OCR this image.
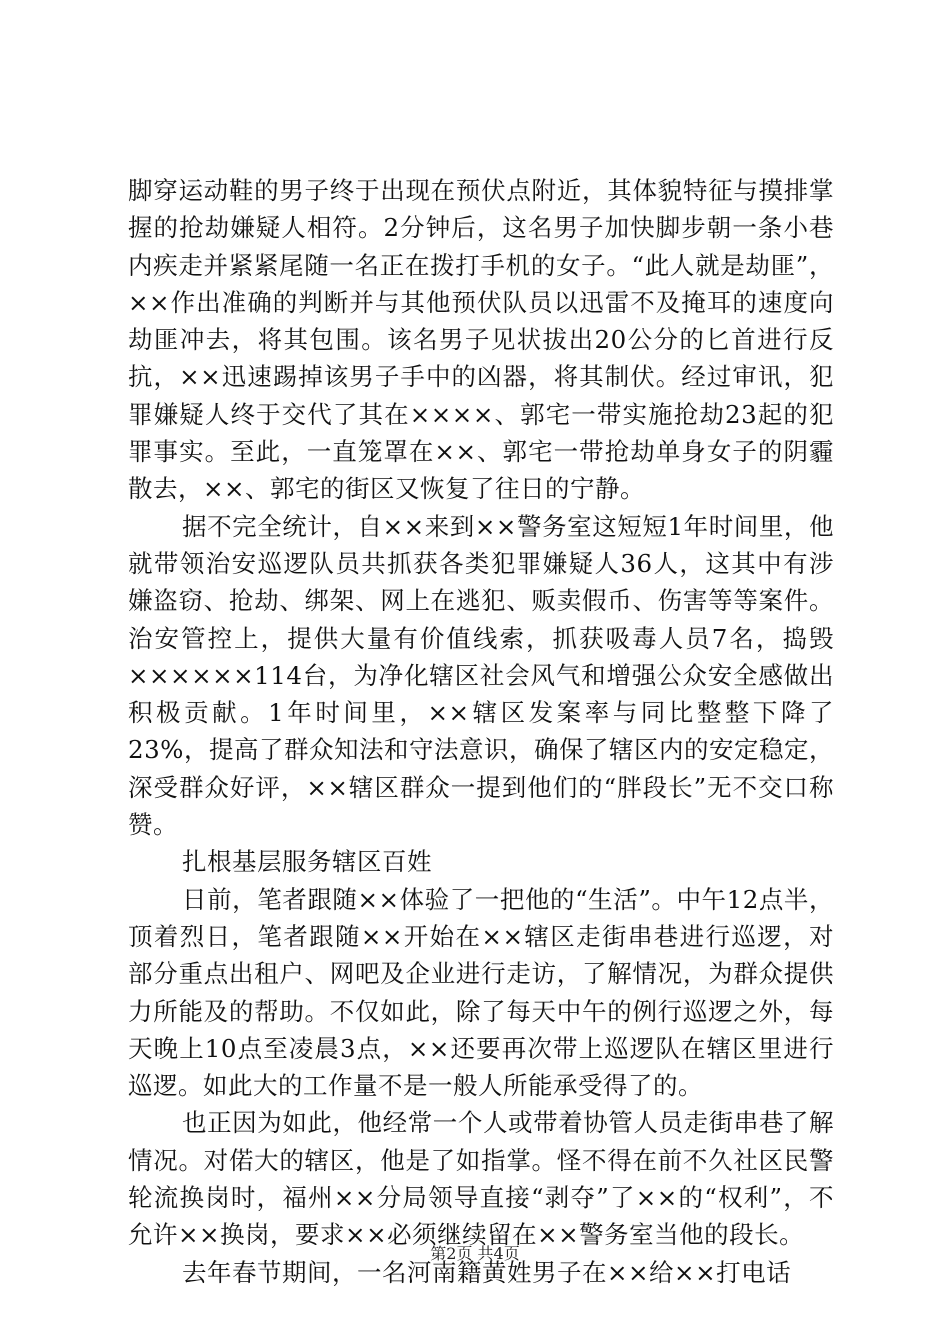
脚穿运动鞋的男子终于出现在预伏点附近，其体貌特征与摸排掌握的抢劫嫌疑人相符。2分钟后，这名男子加快脚步朝一条小巷内疾走并紧紧尾随一名正在拨打手机的女子。“此人就是劫匪”，××作出准确的判断并与其他预伏队员以迅雷不及掩耳的速度向劫匪冲去，将其包围。该名男子见状拔出20公分的匕首进行反抗，××迅速踢掉该男子手中的凶器，将其制伏。经过审讯，犯罪嫌疑人终于交代了其在××××、郭宅一带实施抢劫23起的犯罪事实。至此，一直笼罩在××、郭宅一带抢劫单身女子的阴霾散去，××、郭宅的街区又恢复了往日的宁静。

据不完全统计，自××来到××警务室这短短1年时间里，他就带领治安巡逻队员共抓获各类犯罪嫌疑人36人，这其中有涉嫌盗窃、抢劫、绑架、网上在逃犯、贩卖假币、伤害等等案件。治安管控上，提供大量有价值线索，抓获吸毒人员7名，捣毁××××××114台，为净化辖区社会风气和增强公众安全感做出积极贡献。1年时间里，××辖区发案率与同比整整下降了23%，提高了群众知法和守法意识，确保了辖区内的安定稳定，深受群众好评，××辖区群众一提到他们的“胖段长”无不交口称赞。

扎根基层服务辖区百姓

日前，笔者跟随××体验了一把他的“生活”。中午12点半，顶着烈日，笔者跟随××开始在××辖区走街串巷进行巡逻，对部分重点出租户、网吧及企业进行走访，了解情况，为群众提供力所能及的帮助。不仅如此，除了每天中午的例行巡逻之外，每天晚上10点至凌晨3点，××还要再次带上巡逻队在辖区里进行巡逻。如此大的工作量不是一般人所能承受得了的。

也正因为如此，他经常一个人或带着协管人员走街串巷了解情况。对偌大的辖区，他是了如指掌。怪不得在前不久社区民警轮流换岗时，福州××分局领导直接“剥夺”了××的“权利”，不允许××换岗，要求××必须继续留在××警务室当他的段长。

去年春节期间，一名河南籍黄姓男子在××给××打电话

第2页 共4页
